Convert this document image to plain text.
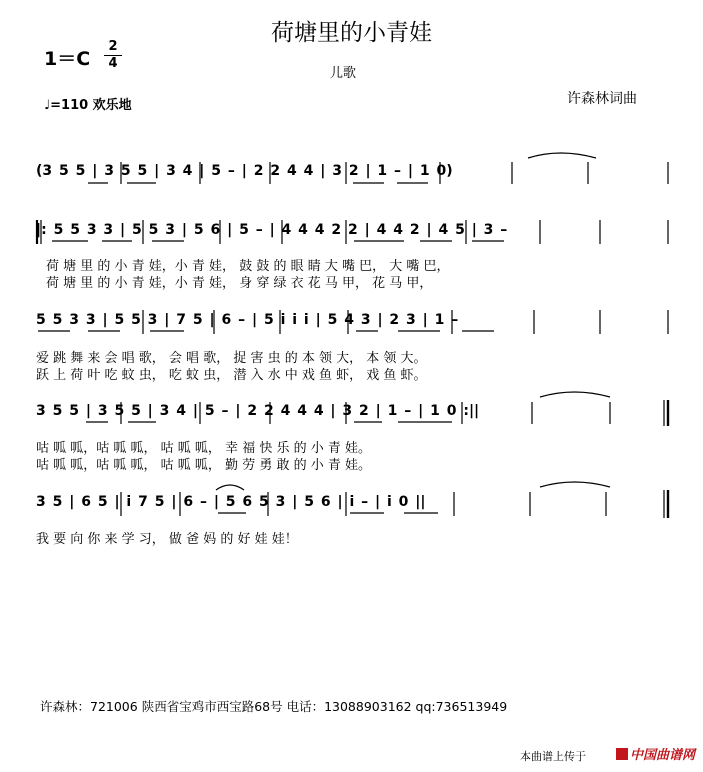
荷塘里的小青娃
儿歌
1＝C
2
4
♩=110 欢乐地	许森林词曲
(3 5 5 | 3 5 5 | 3 4 | 5 – | 2 2 4 4 | 3 2 | 1 – | 1 0)
|: 5 5 3 3 | 5 5 3 | 5 6 | 5 – | 4 4 4 2 2 | 4 4 2 | 4 5 | 3 –
荷 塘 里 的 小 青 娃，小 青 娃， 鼓 鼓 的 眼 睛 大 嘴 巴， 大 嘴 巴，
荷 塘 里 的 小 青 娃，小 青 娃， 身 穿 绿 衣 花 马 甲， 花 马 甲，
5 5 3 3 | 5 5 3 | 7 5 | 6 – | 5 i i i | 5 4 3 | 2 3 | 1 –
爱 跳 舞 来 会 唱 歌， 会 唱 歌， 捉 害 虫 的 本 领 大， 本 领 大。
跃 上 荷 叶 吃 蚊 虫， 吃 蚊 虫， 潜 入 水 中 戏 鱼 虾， 戏 鱼 虾。
3 5 5 | 3 5 5 | 3 4 | 5 – | 2 2 4 4 4 | 3 2 | 1 – | 1 0 :||
咕 呱 呱，咕 呱 呱， 咕 呱 呱， 幸 福 快 乐 的 小 青 娃。
咕 呱 呱，咕 呱 呱， 咕 呱 呱， 勤 劳 勇 敢 的 小 青 娃。
3 5 | 6 5 | i 7 5 | 6 – | 5 6 5 3 | 5 6 | i – | i 0 ||
我 要 向 你 来 学 习， 做 爸 妈 的 好 娃 娃！
许森林：721006 陕西省宝鸡市西宝路68号 电话：13088903162 qq:736513949
本曲谱上传于	中国曲谱网
